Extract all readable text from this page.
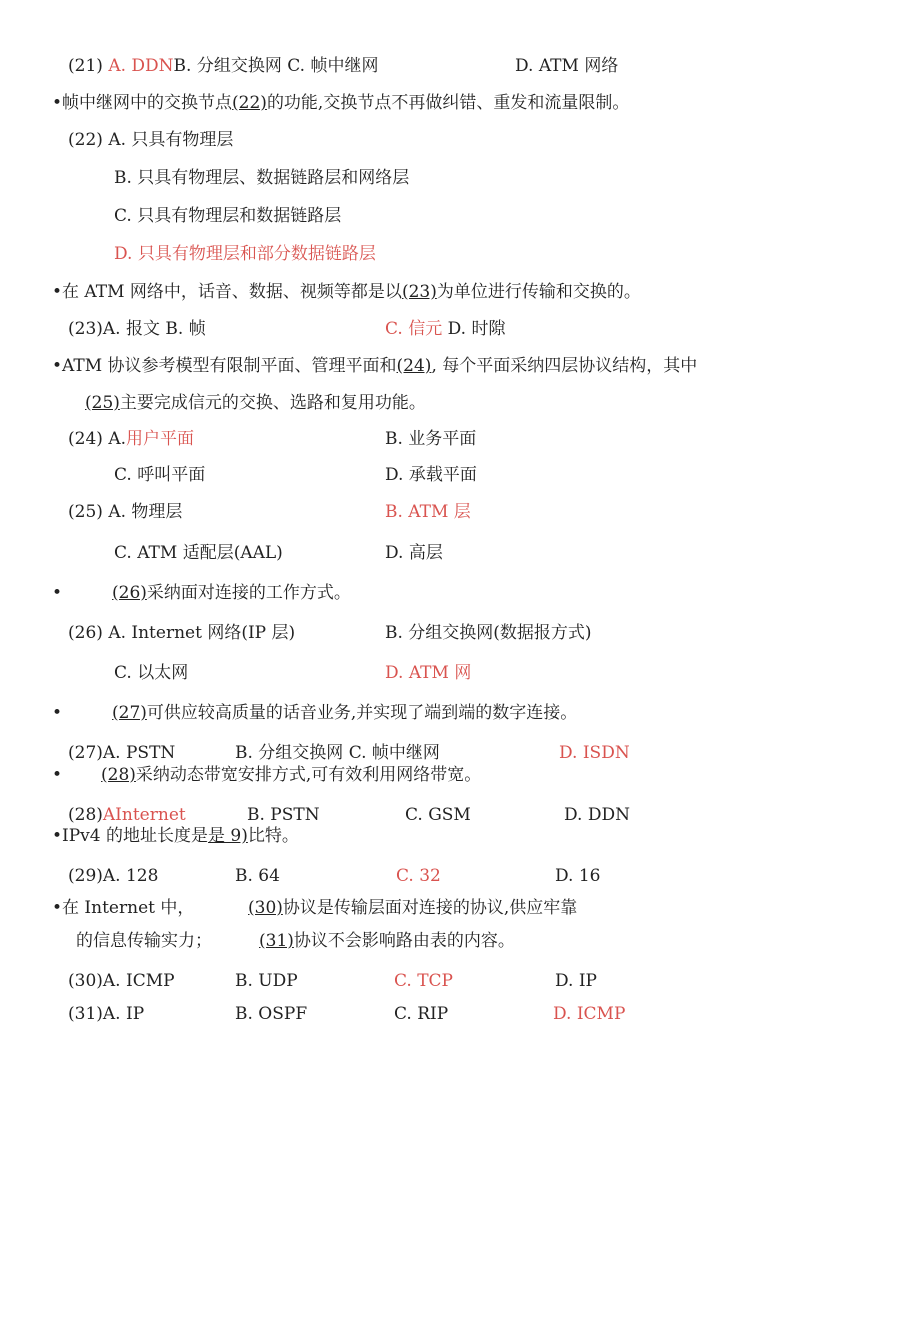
(21) A. DDNB. 分组交换网 C. 帧中继网	D. ATM 网络
•帧中继网中的交换节点(22)的功能,交换节点不再做纠错、重发和流量限制。
(22) A. 只具有物理层
B. 只具有物理层、数据链路层和网络层
C. 只具有物理层和数据链路层
D. 只具有物理层和部分数据链路层
•在 ATM 网络中，话音、数据、视频等都是以(23)为单位进行传输和交换的。
(23)A. 报文 B. 帧	C. 信元 D. 时隙
•ATM 协议参考模型有限制平面、管理平面和(24), 每个平面采纳四层协议结构，其中
(25)主要完成信元的交换、选路和复用功能。
(24) A.用户平面	B. 业务平面
C. 呼叫平面	D. 承载平面
(25) A. 物理层	B. ATM 层
C. ATM 适配层(AAL)	D. 高层
•	(26)采纳面对连接的工作方式。
(26) A. Internet 网络(IP 层)	B. 分组交换网(数据报方式)
C. 以太网	D. ATM 网
•	(27)可供应较高质量的话音业务,并实现了端到端的数字连接。
(27)A. PSTN	B. 分组交换网 C. 帧中继网	D. ISDN
• (28)采纳动态带宽安排方式,可有效利用网络带宽。
(28)AInternet	B. PSTN	C. GSM	D. DDN
•IPv4 的地址长度是是 9)比特。
(29)A. 128	B. 64	C. 32	D. 16
•在 Internet 中，	(30)协议是传输层面对连接的协议,供应牢靠
的信息传输实力；	(31)协议不会影响路由表的内容。
(30)A. ICMP	B. UDP	C. TCP	D. IP
(31)A. IP	B. OSPF	C. RIP	D. ICMP
